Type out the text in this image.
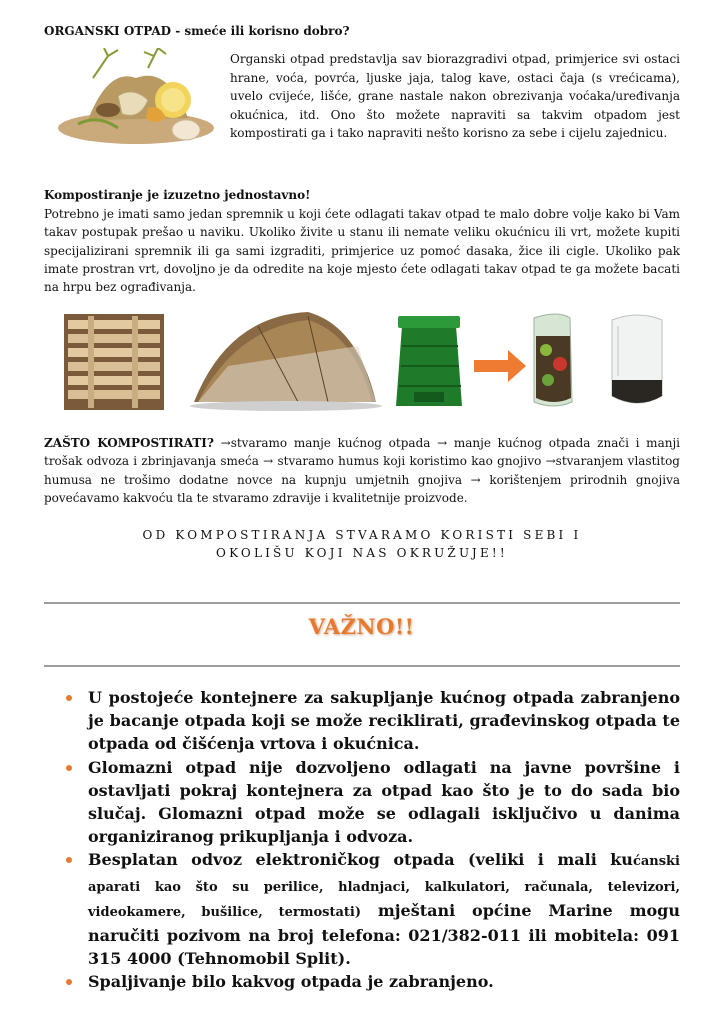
ORGANSKI OTPAD - smeće ili korisno dobro?
Organski otpad predstavlja sav biorazgradivi otpad, primjerice svi ostaci hrane, voća, povrća, ljuske jaja, talog kave, ostaci čaja (s vrećicama), uvelo cvijeće, lišće, grane nastale nakon obrezivanja voćaka/uređivanja okućnica, itd. Ono što možete napraviti sa takvim otpadom jest kompostirati ga i tako napraviti nešto korisno za sebe i cijelu zajednicu.
Kompostiranje je izuzetno jednostavno!
Potrebno je imati samo jedan spremnik u koji ćete odlagati takav otpad te malo dobre volje kako bi Vam takav postupak prešao u naviku. Ukoliko živite u stanu ili nemate veliku okućnicu ili vrt, možete kupiti specijalizirani spremnik ili ga sami izgraditi, primjerice uz pomoć dasaka, žice ili cigle. Ukoliko pak imate prostran vrt, dovoljno je da odredite na koje mjesto ćete odlagati takav otpad te ga možete bacati na hrpu bez ograđivanja.
ZAŠTO KOMPOSTIRATI? →stvaramo manje kućnog otpada → manje kućnog otpada znači i manji trošak odvoza i zbrinjavanja smeća → stvaramo humus koji koristimo kao gnojivo →stvaranjem vlastitog humusa ne trošimo dodatne novce na kupnju umjetnih gnojiva → korištenjem prirodnih gnojiva povećavamo kakvoću tla te stvaramo zdravije i kvalitetnije proizvode.
OD KOMPOSTIRANJA STVARAMO KORISTI SEBI I
OKOLIŠU KOJI NAS OKRUŽUJE!!
VAŽNO!!
U postojeće kontejnere za sakupljanje kućnog otpada zabranjeno je bacanje otpada koji se može reciklirati, građevinskog otpada te otpada od čišćenja vrtova i okućnica.
Glomazni otpad nije dozvoljeno odlagati na javne površine i ostavljati pokraj kontejnera za otpad kao što je to do sada bio slučaj. Glomazni otpad može se odlagali isključivo u danima organiziranog prikupljanja i odvoza.
Besplatan odvoz elektroničkog otpada (veliki i mali kućanski aparati kao što su perilice, hladnjaci, kalkulatori, računala, televizori, videokamere, bušilice, termostati) mještani općine Marine mogu naručiti pozivom na broj telefona: 021/382-011 ili mobitela: 091 315 4000 (Tehnomobil Split).
Spaljivanje bilo kakvog otpada je zabranjeno.
